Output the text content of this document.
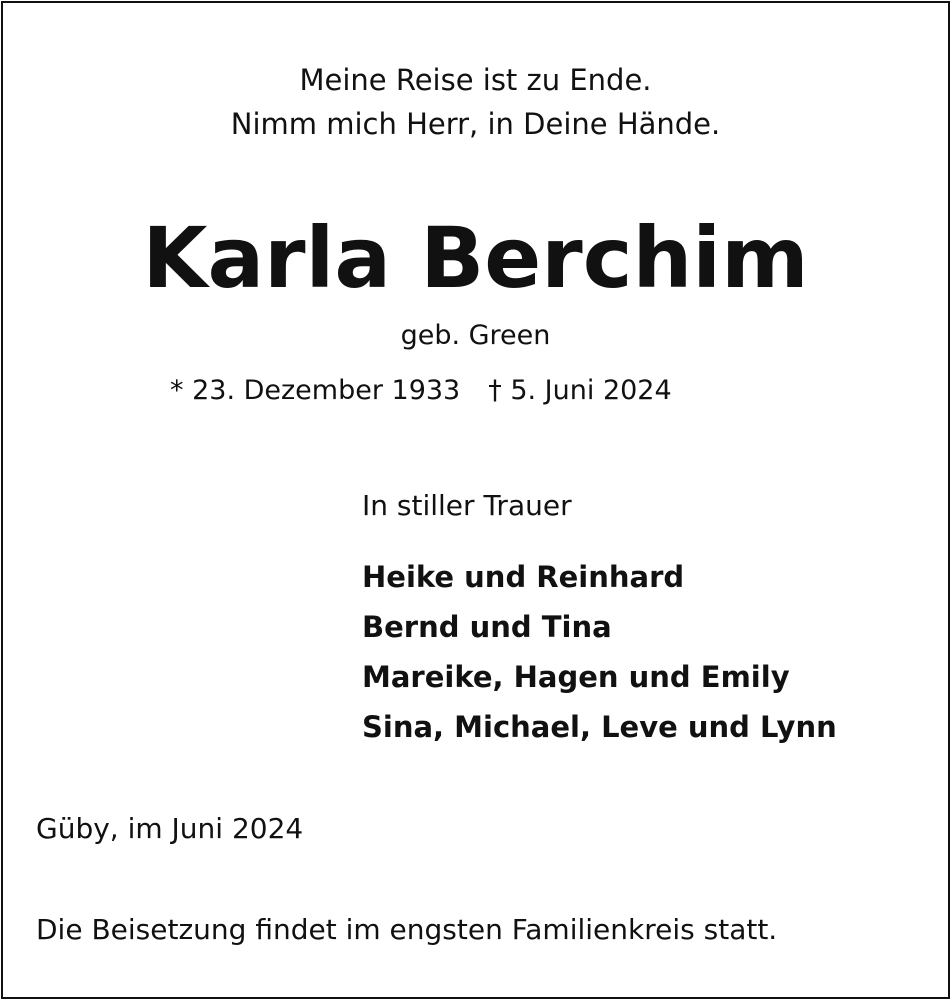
Meine Reise ist zu Ende.
Nimm mich Herr, in Deine Hände.
Karla Berchim
geb. Green
* 23. Dezember 1933 † 5. Juni 2024
In stiller Trauer
Heike und Reinhard
Bernd und Tina
Mareike, Hagen und Emily
Sina, Michael, Leve und Lynn
Güby, im Juni 2024
Die Beisetzung findet im engsten Familienkreis statt.
